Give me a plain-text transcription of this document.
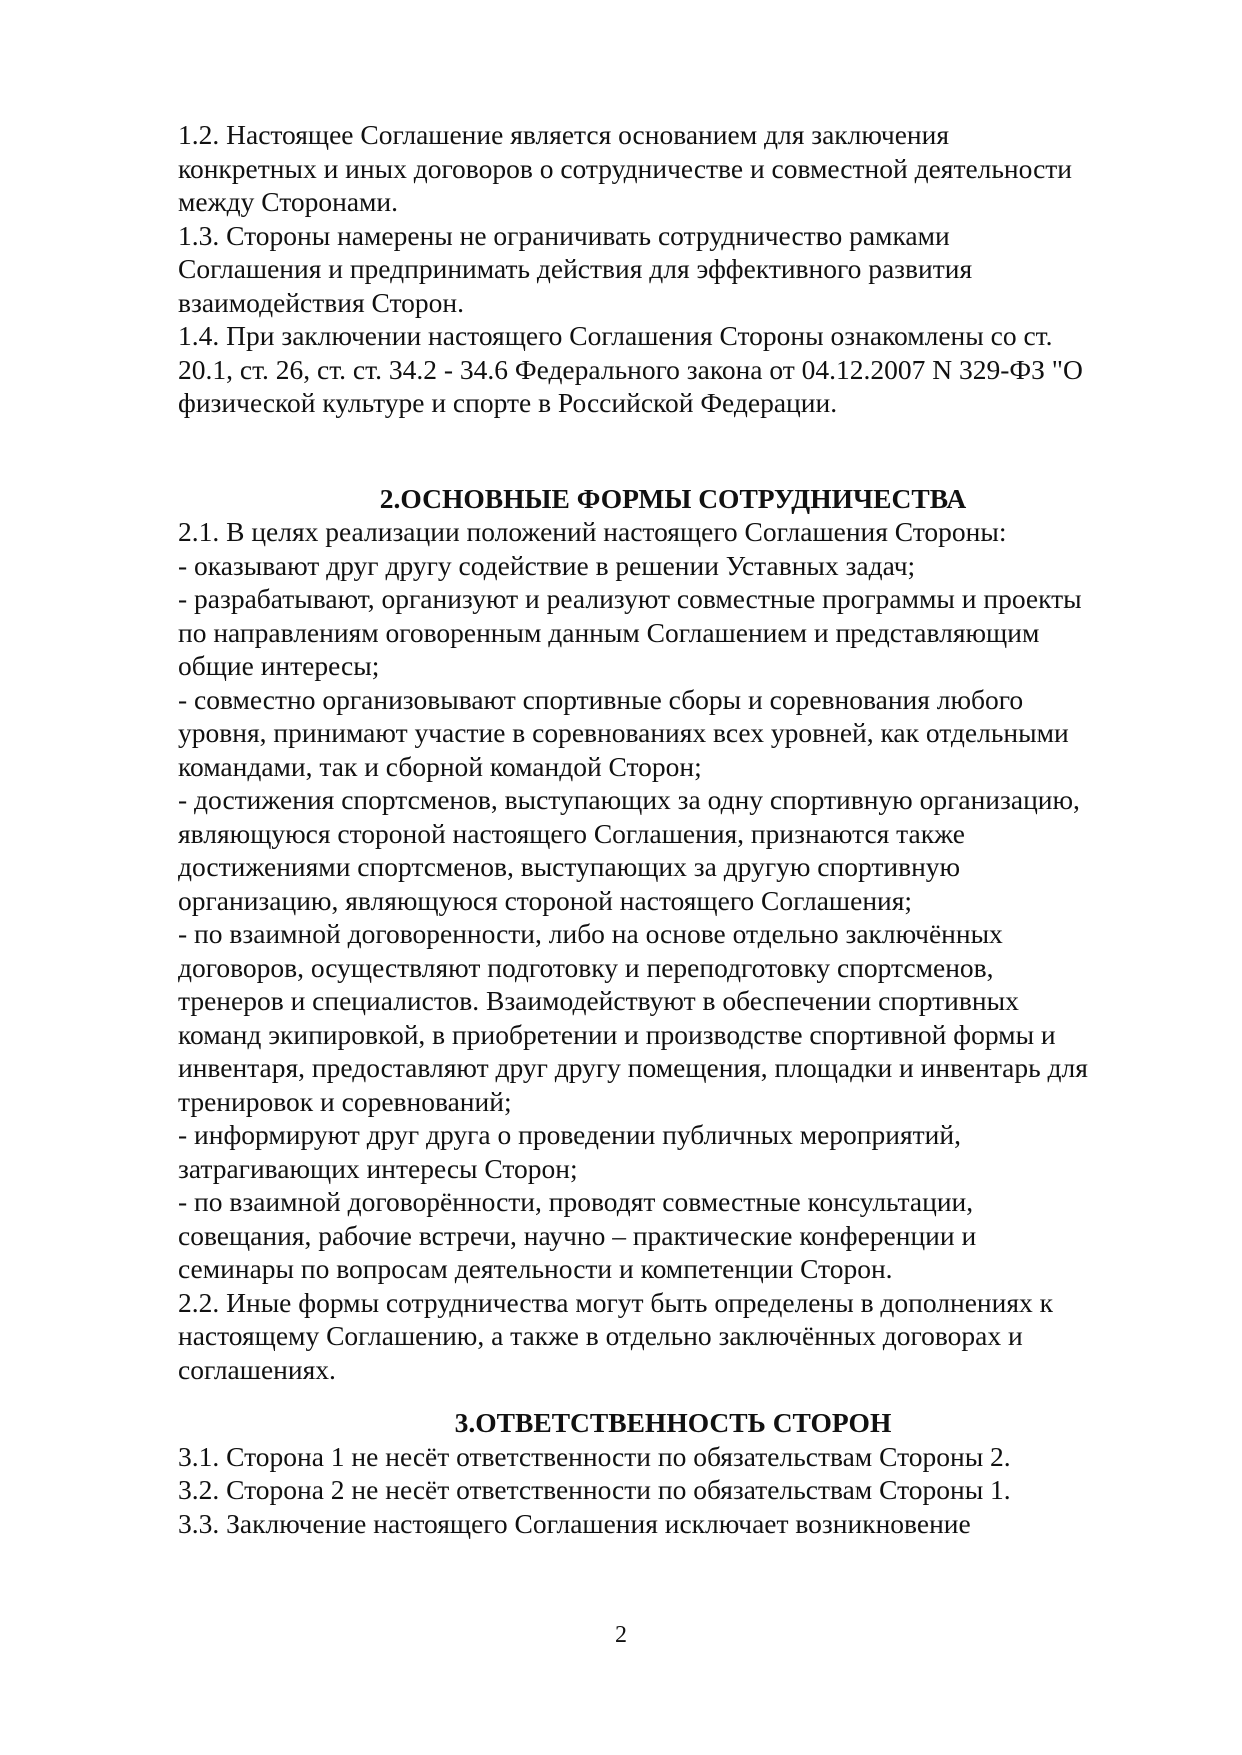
1.2. Настоящее Соглашение является основанием для заключения
конкретных и иных договоров о сотрудничестве и совместной деятельности
между Сторонами.
1.3. Стороны намерены не ограничивать сотрудничество рамками
Соглашения и предпринимать действия для эффективного развития
взаимодействия Сторон.
1.4. При заключении настоящего Соглашения Стороны ознакомлены со ст.
20.1, ст. 26, ст. ст. 34.2 - 34.6 Федерального закона от 04.12.2007 N 329-ФЗ "О
физической культуре и спорте в Российской Федерации.
2.ОСНОВНЫЕ ФОРМЫ СОТРУДНИЧЕСТВА
2.1. В целях реализации положений настоящего Соглашения Стороны:
- оказывают друг другу содействие в решении Уставных задач;
- разрабатывают, организуют и реализуют совместные программы и проекты
по направлениям оговоренным данным Соглашением и представляющим
общие интересы;
- совместно организовывают спортивные сборы и соревнования любого
уровня, принимают участие в соревнованиях всех уровней, как отдельными
командами, так и сборной командой Сторон;
- достижения спортсменов, выступающих за одну спортивную организацию,
являющуюся стороной настоящего Соглашения, признаются также
достижениями спортсменов, выступающих за другую спортивную
организацию, являющуюся стороной настоящего Соглашения;
- по взаимной договоренности, либо на основе отдельно заключённых
договоров, осуществляют подготовку и переподготовку спортсменов,
тренеров и специалистов. Взаимодействуют в обеспечении спортивных
команд экипировкой, в приобретении и производстве спортивной формы и
инвентаря, предоставляют друг другу помещения, площадки и инвентарь для
тренировок и соревнований;
- информируют друг друга о проведении публичных мероприятий,
затрагивающих интересы Сторон;
- по взаимной договорённости, проводят совместные консультации,
совещания, рабочие встречи, научно – практические конференции и
семинары по вопросам деятельности и компетенции Сторон.
2.2. Иные формы сотрудничества могут быть определены в дополнениях к
настоящему Соглашению, а также в отдельно заключённых договорах и
соглашениях.
3.ОТВЕТСТВЕННОСТЬ СТОРОН
3.1. Сторона 1 не несёт ответственности по обязательствам Стороны 2.
3.2. Сторона 2 не несёт ответственности по обязательствам Стороны 1.
3.3. Заключение настоящего Соглашения исключает возникновение
2
